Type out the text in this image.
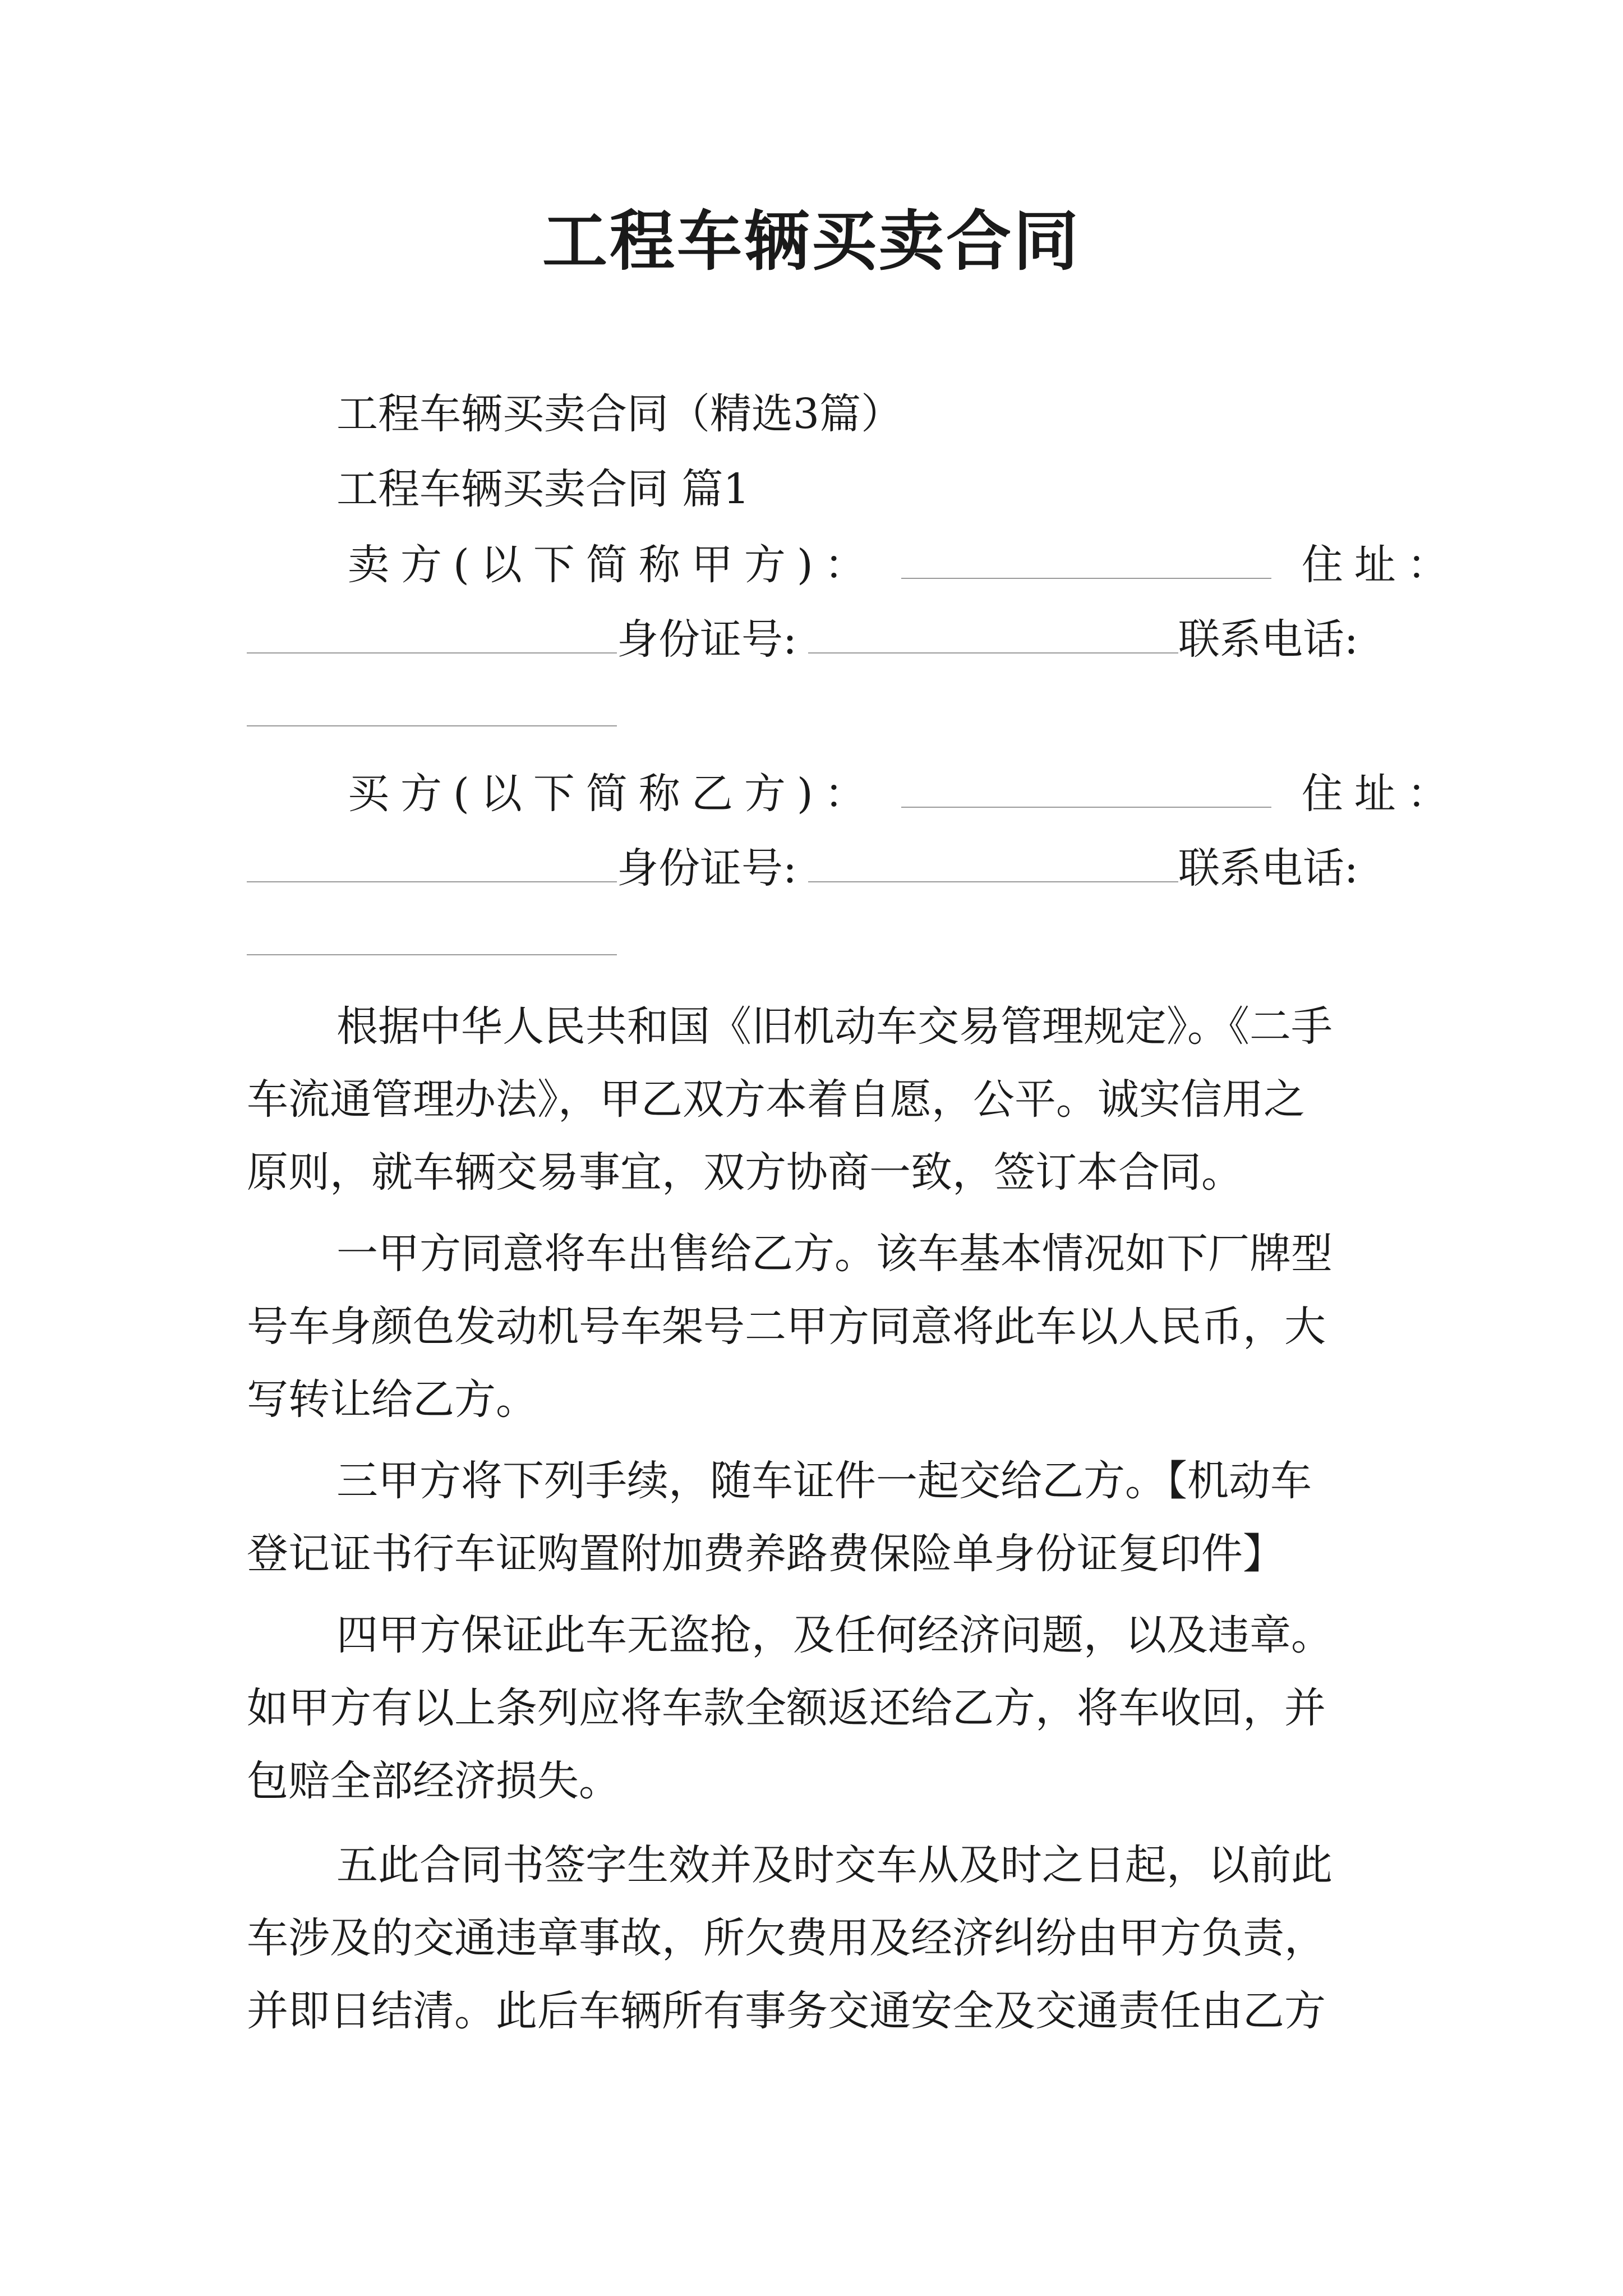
工程车辆买卖合同
工程车辆买卖合同（精选3篇）
工程车辆买卖合同 篇1
卖方(以下简称甲方)：	住址：
身份证号:	联系电话:
买方(以下简称乙方)：	住址：
身份证号:	联系电话:
根据中华人民共和国《旧机动车交易管理规定》。《二手
车流通管理办法》，甲乙双方本着自愿，公平。诚实信用之
原则，就车辆交易事宜，双方协商一致，签订本合同。
一甲方同意将车出售给乙方。该车基本情况如下厂牌型
号车身颜色发动机号车架号二甲方同意将此车以人民币，大
写转让给乙方。
三甲方将下列手续，随车证件一起交给乙方。【机动车
登记证书行车证购置附加费养路费保险单身份证复印件】
四甲方保证此车无盗抢，及任何经济问题，以及违章。
如甲方有以上条列应将车款全额返还给乙方，将车收回，并
包赔全部经济损失。
五此合同书签字生效并及时交车从及时之日起，以前此
车涉及的交通违章事故，所欠费用及经济纠纷由甲方负责，
并即日结清。此后车辆所有事务交通安全及交通责任由乙方
